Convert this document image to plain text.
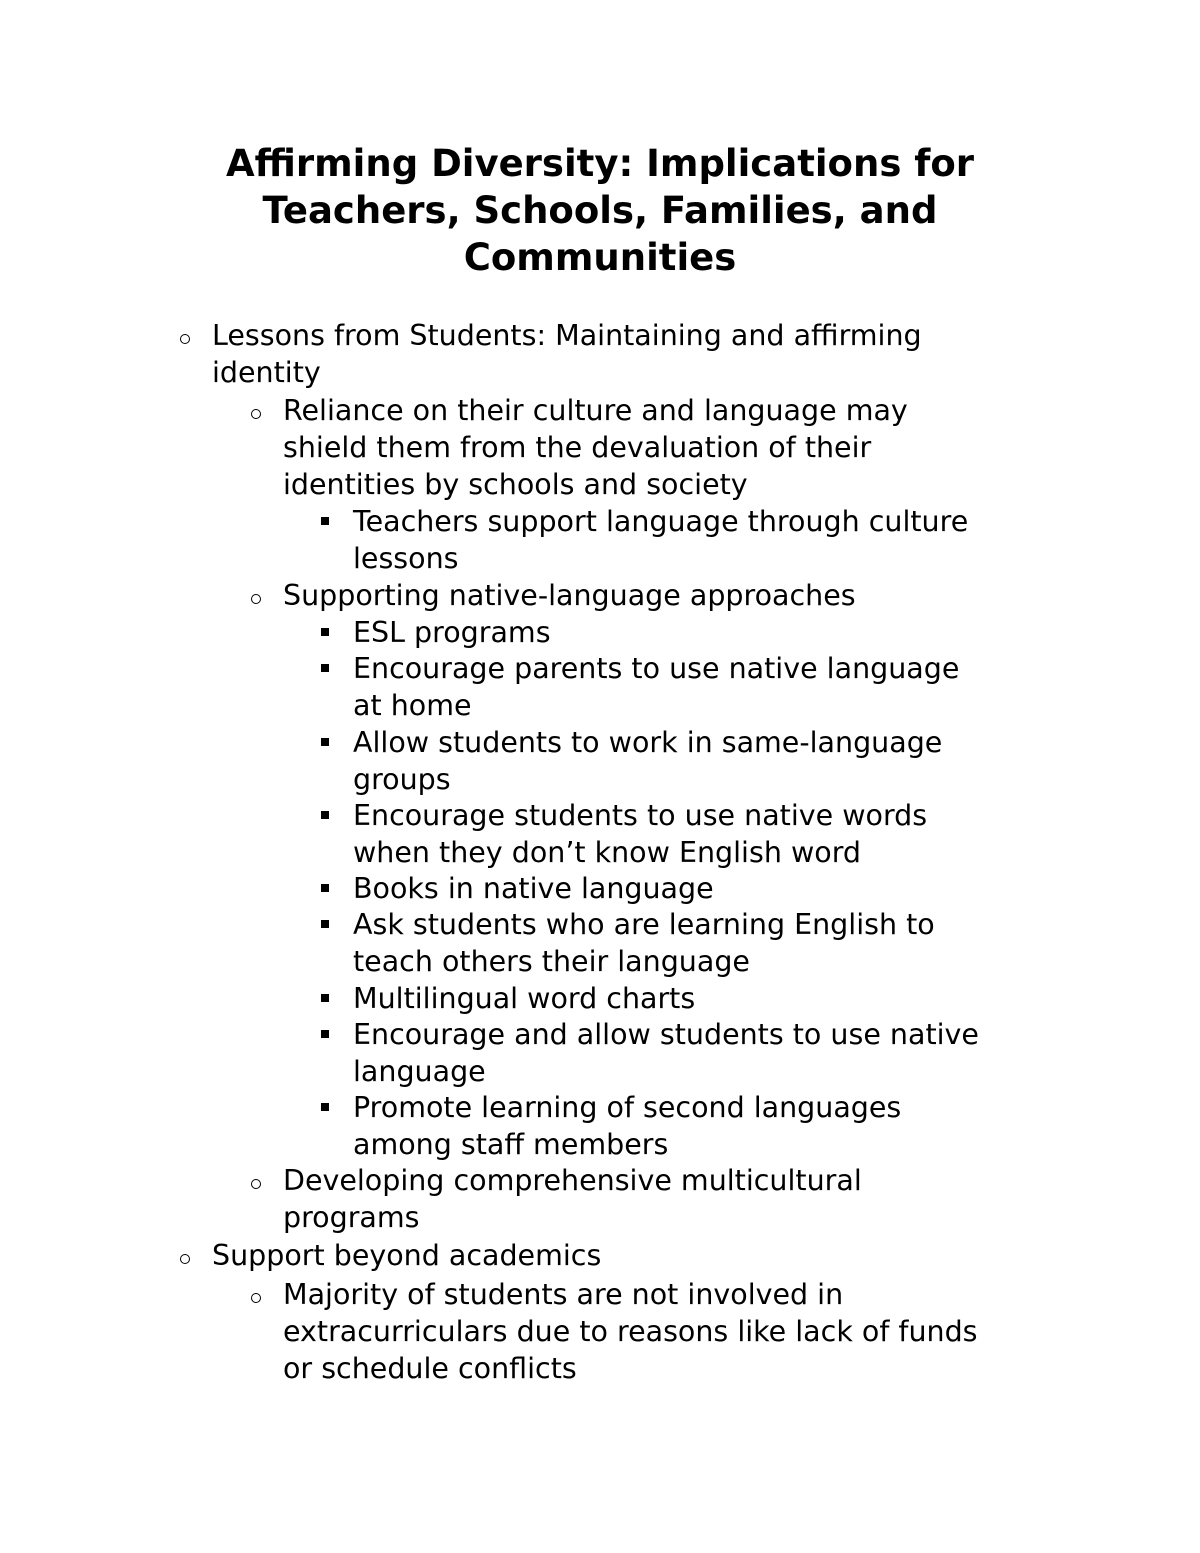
Affirming Diversity: Implications for
Teachers, Schools, Families, and
Communities
Lessons from Students: Maintaining and affirming
identity
Reliance on their culture and language may
shield them from the devaluation of their
identities by schools and society
Teachers support language through culture
lessons
Supporting native-language approaches
ESL programs
Encourage parents to use native language
at home
Allow students to work in same-language
groups
Encourage students to use native words
when they don’t know English word
Books in native language
Ask students who are learning English to
teach others their language
Multilingual word charts
Encourage and allow students to use native
language
Promote learning of second languages
among staff members
Developing comprehensive multicultural
programs
Support beyond academics
Majority of students are not involved in
extracurriculars due to reasons like lack of funds
or schedule conflicts
